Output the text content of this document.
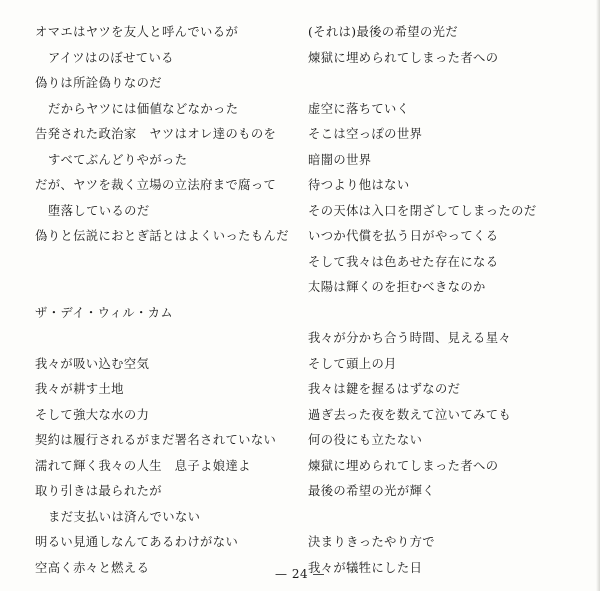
オマエはヤツを友人と呼んでいるが
アイツはのぼせている
偽りは所詮偽りなのだ
だからヤツには価値などなかった
告発された政治家　ヤツはオレ達のものを
すべてぶんどりやがった
だが、ヤツを裁く立場の立法府まで腐って
堕落しているのだ
偽りと伝説におとぎ話とはよくいったもんだ
ザ・デイ・ウィル・カム
我々が吸い込む空気
我々が耕す土地
そして強大な水の力
契約は履行されるがまだ署名されていない
濡れて輝く我々の人生　息子よ娘達よ
取り引きは最られたが
まだ支払いは済んでいない
明るい見通しなんてあるわけがない
空高く赤々と燃える
(それは)最後の希望の光だ
煉獄に埋められてしまった者への
虚空に落ちていく
そこは空っぽの世界
暗闇の世界
待つより他はない
その天体は入口を閉ざしてしまったのだ
いつか代償を払う日がやってくる
そして我々は色あせた存在になる
太陽は輝くのを拒むべきなのか
我々が分かち合う時間、見える星々
そして頭上の月
我々は鍵を握るはずなのだ
過ぎ去った夜を数えて泣いてみても
何の役にも立たない
煉獄に埋められてしまった者への
最後の希望の光が輝く
決まりきったやり方で
我々が犠牲にした日
— 24 —
